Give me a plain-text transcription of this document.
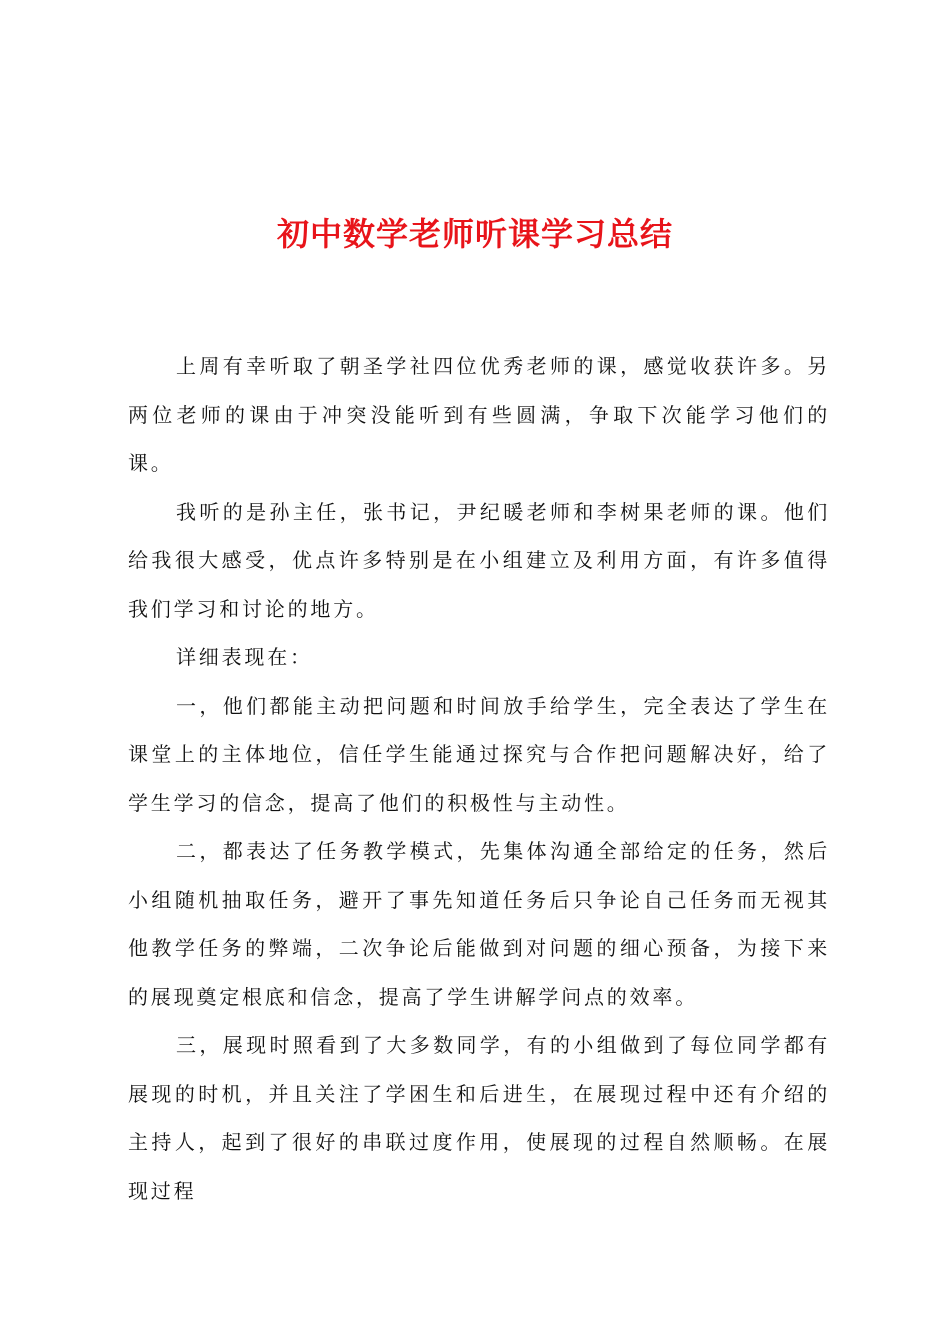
初中数学老师听课学习总结

上周有幸听取了朝圣学社四位优秀老师的课，感觉收获许多。另两位老师的课由于冲突没能听到有些圆满，争取下次能学习他们的课。

我听的是孙主任，张书记，尹纪暖老师和李树果老师的课。他们给我很大感受，优点许多特别是在小组建立及利用方面，有许多值得我们学习和讨论的地方。

详细表现在：

一，他们都能主动把问题和时间放手给学生，完全表达了学生在课堂上的主体地位，信任学生能通过探究与合作把问题解决好，给了学生学习的信念，提高了他们的积极性与主动性。

二，都表达了任务教学模式，先集体沟通全部给定的任务，然后小组随机抽取任务，避开了事先知道任务后只争论自己任务而无视其他教学任务的弊端，二次争论后能做到对问题的细心预备，为接下来的展现奠定根底和信念，提高了学生讲解学问点的效率。

三，展现时照看到了大多数同学，有的小组做到了每位同学都有展现的时机，并且关注了学困生和后进生，在展现过程中还有介绍的主持人，起到了很好的串联过度作用，使展现的过程自然顺畅。在展现过程
